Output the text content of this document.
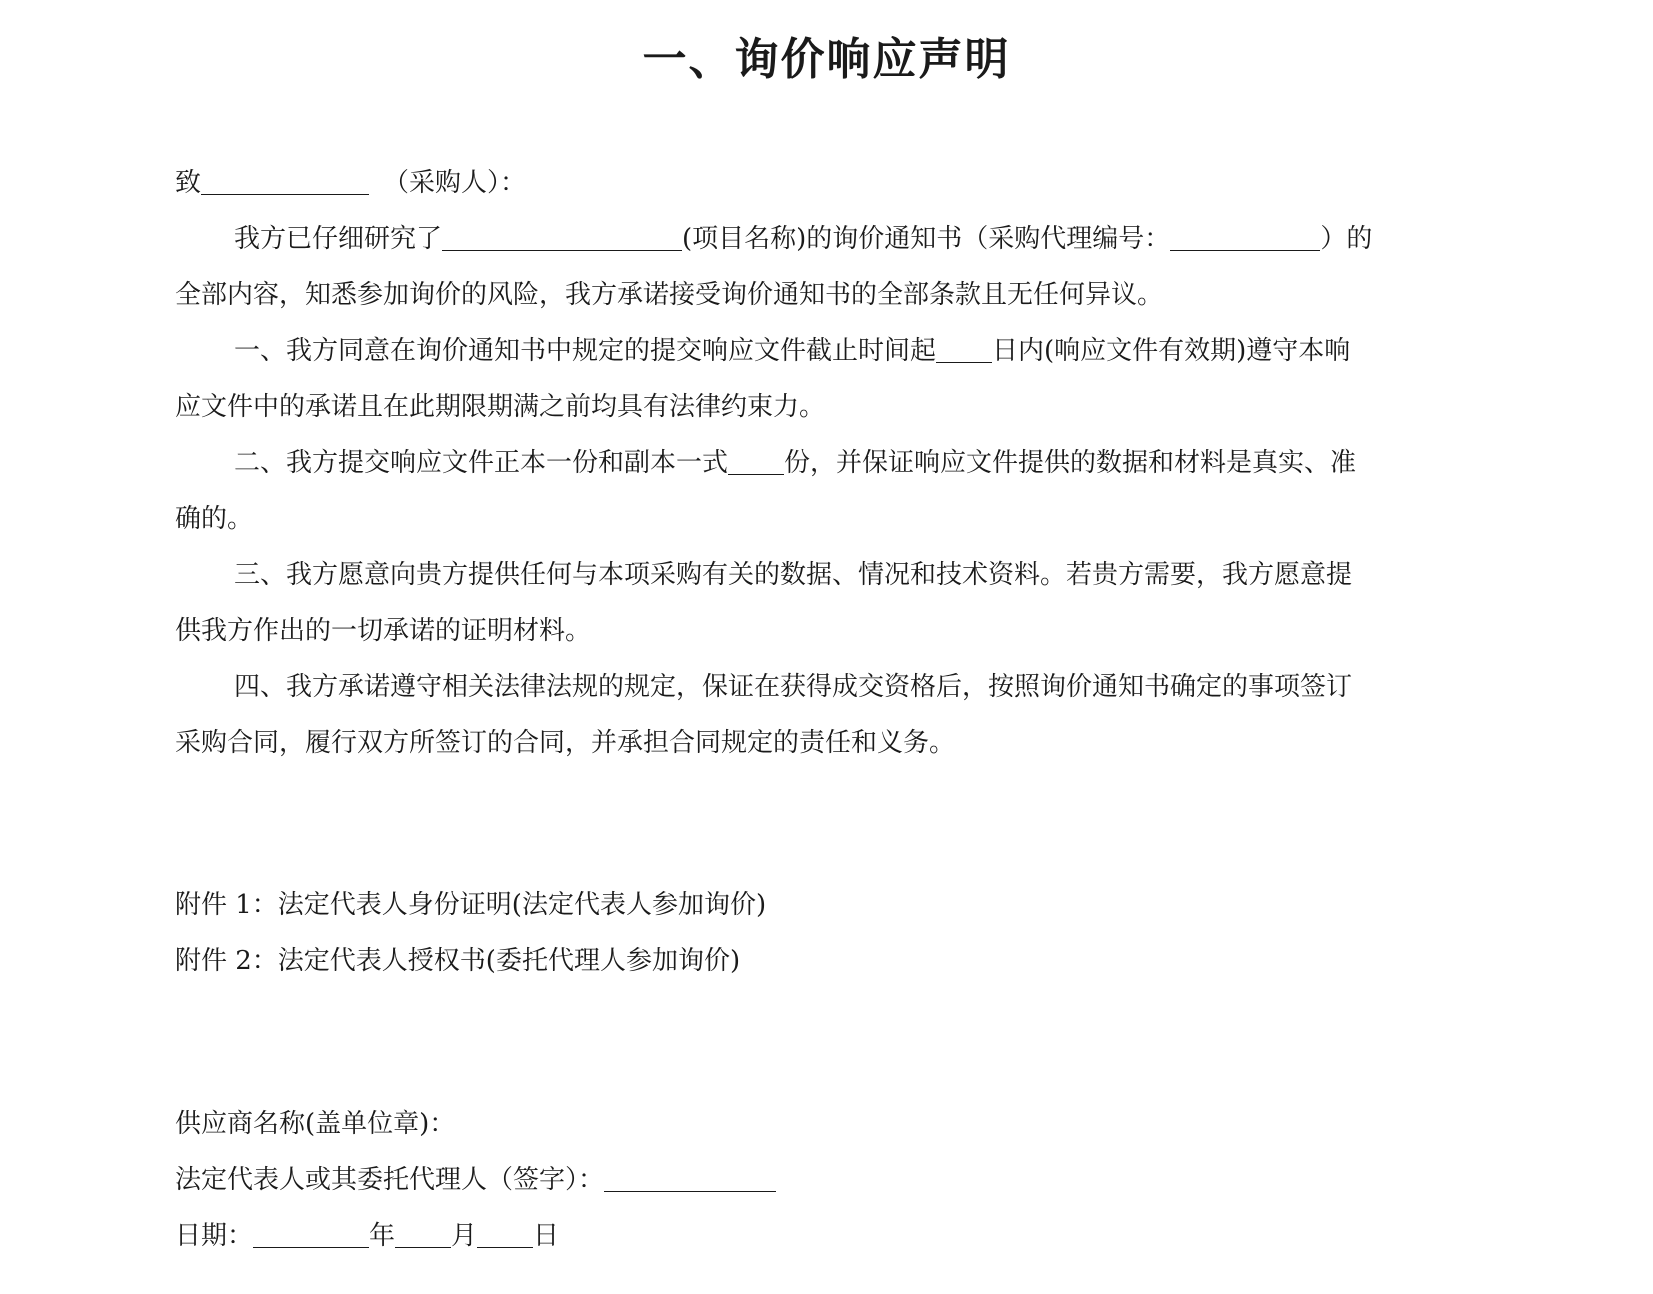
一、询价响应声明
致	（采购人）：
我方已仔细研究了	(项目名称)的询价通知书（采购代理编号：	）的
全部内容，知悉参加询价的风险，我方承诺接受询价通知书的全部条款且无任何异议。
一、我方同意在询价通知书中规定的提交响应文件截止时间起 日内(响应文件有效期)遵守本响
应文件中的承诺且在此期限期满之前均具有法律约束力。
二、我方提交响应文件正本一份和副本一式 份，并保证响应文件提供的数据和材料是真实、准
确的。
三、我方愿意向贵方提供任何与本项采购有关的数据、情况和技术资料。若贵方需要，我方愿意提
供我方作出的一切承诺的证明材料。
四、我方承诺遵守相关法律法规的规定，保证在获得成交资格后，按照询价通知书确定的事项签订
采购合同，履行双方所签订的合同，并承担合同规定的责任和义务。
附件 1：法定代表人身份证明(法定代表人参加询价)
附件 2：法定代表人授权书(委托代理人参加询价)
供应商名称(盖单位章)：
法定代表人或其委托代理人（签字）：
日期：	年 月 日
